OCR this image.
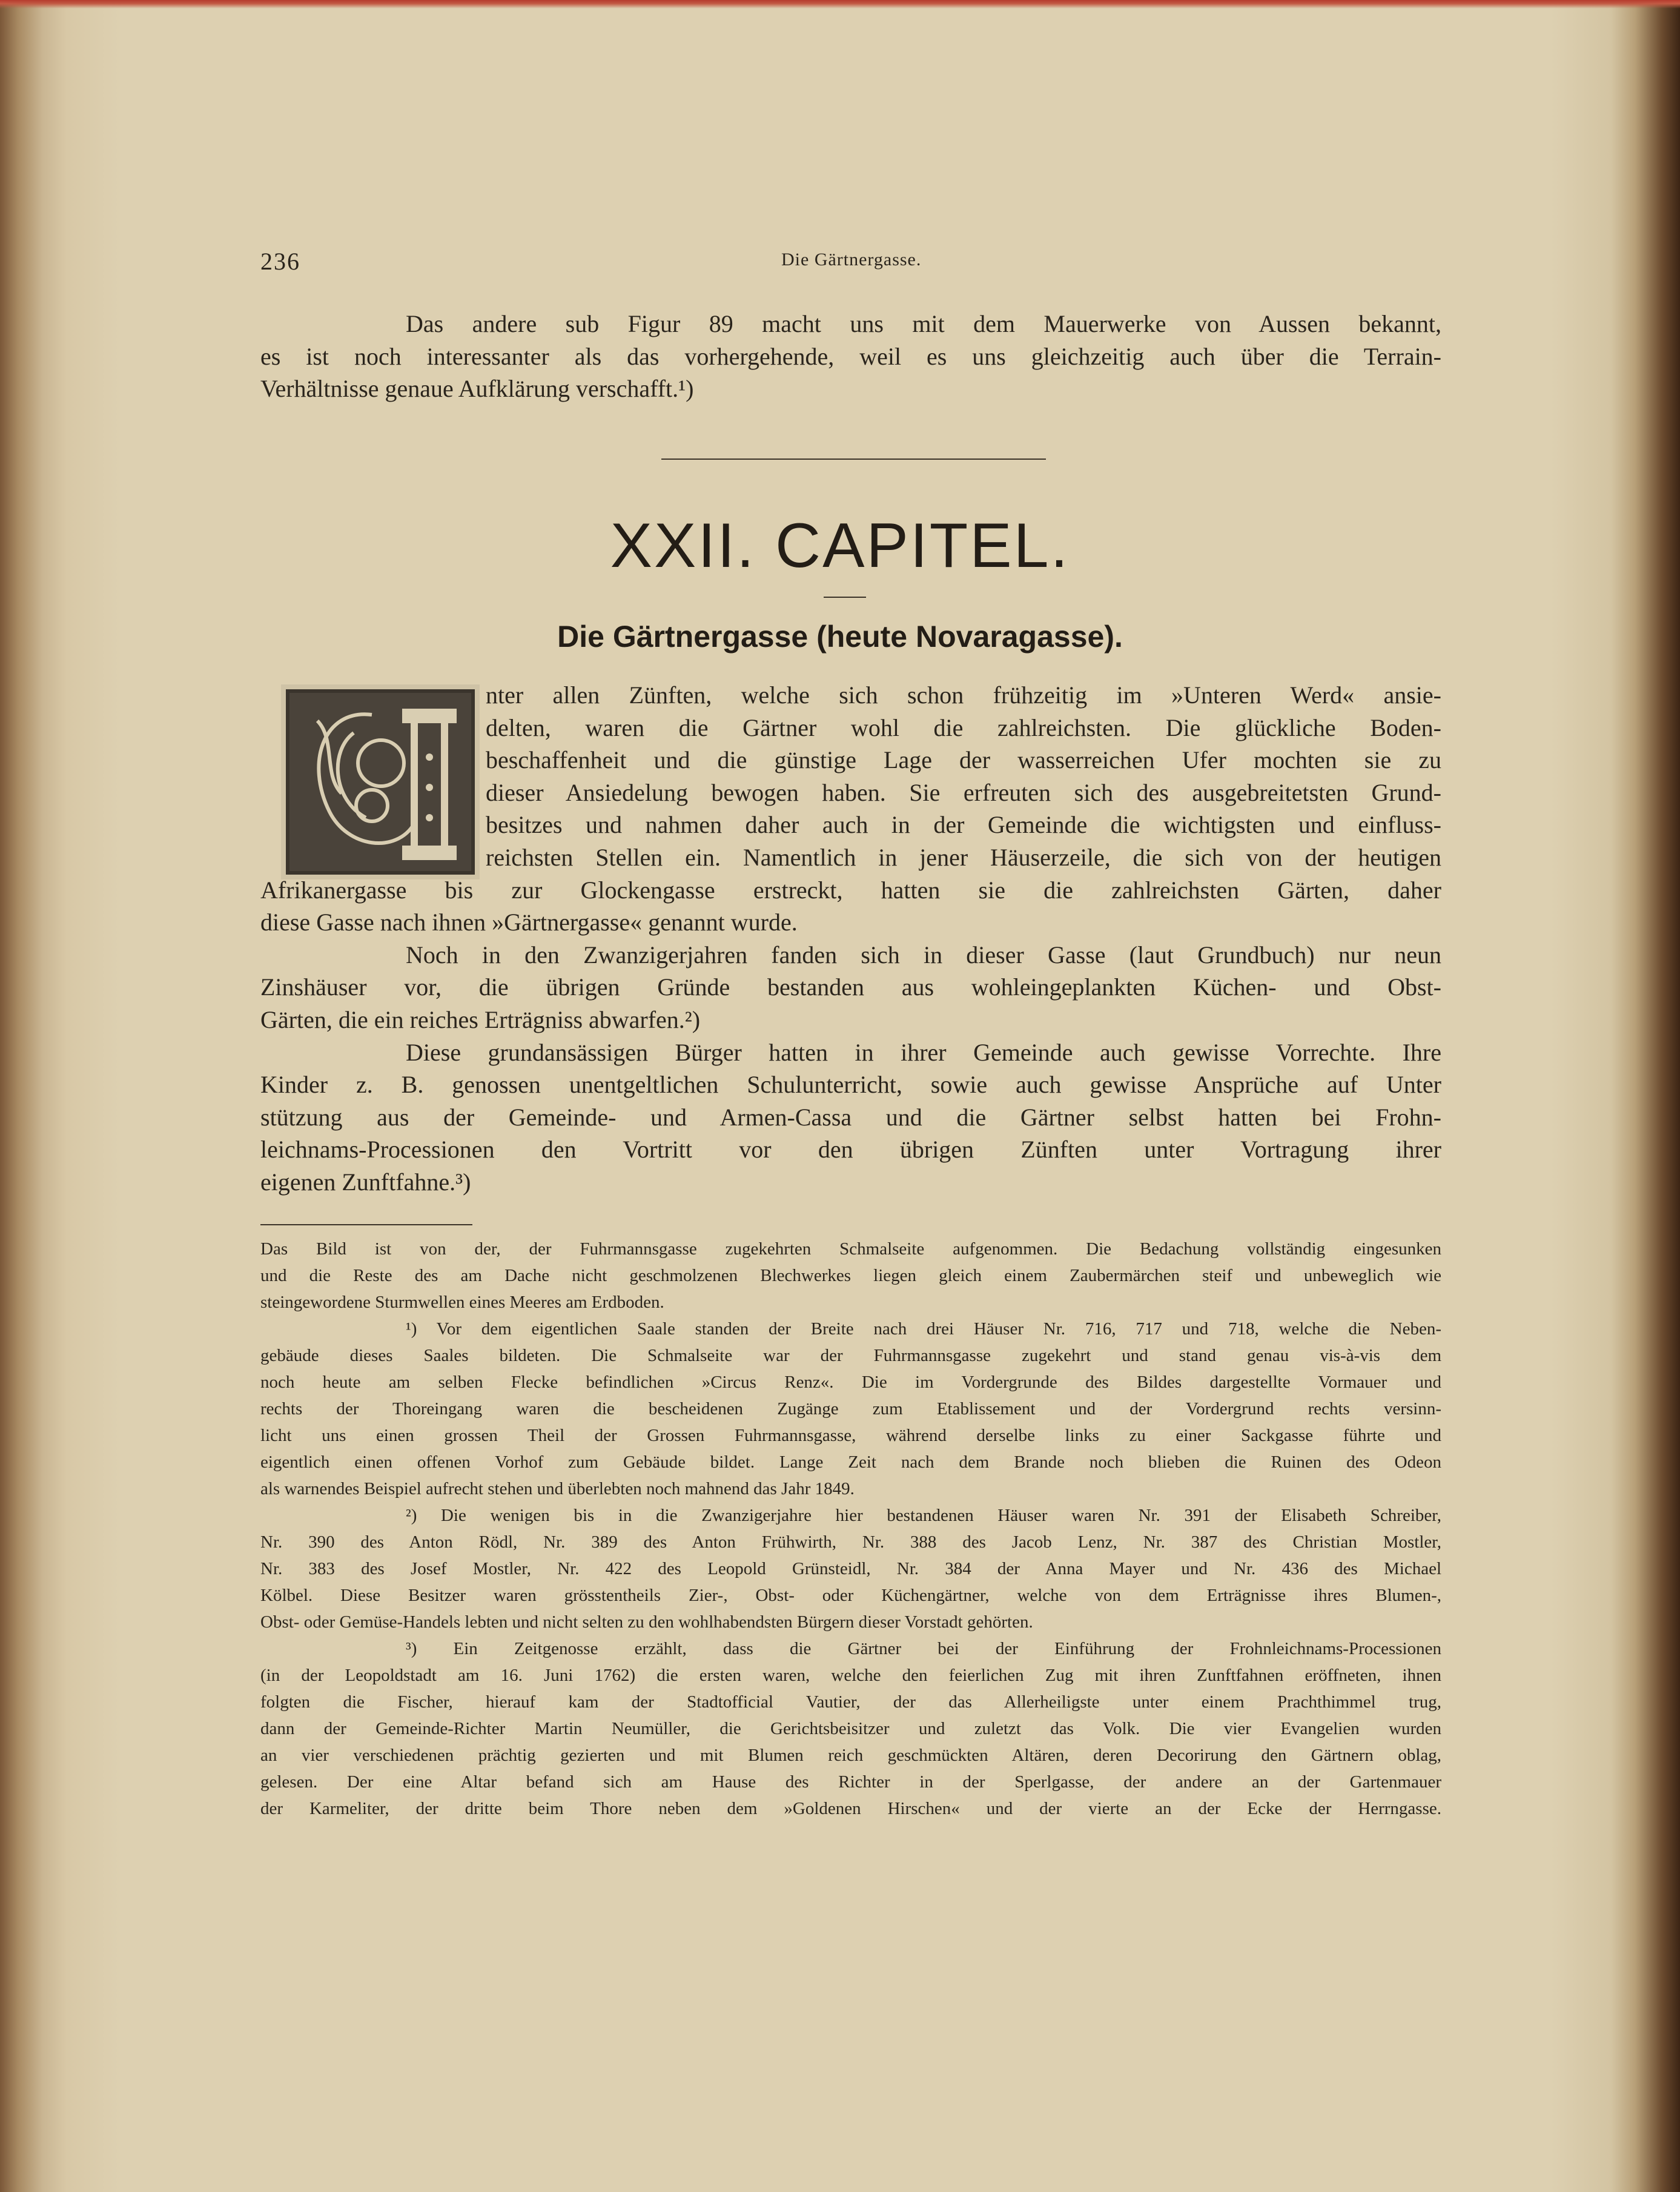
236	Die Gärtnergasse.
Das andere sub Figur 89 macht uns mit dem Mauerwerke von Aussen bekannt,
es ist noch interessanter als das vorhergehende, weil es uns gleichzeitig auch über die Terrain-
Verhältnisse genaue Aufklärung verschafft.¹)
XXII. CAPITEL.
Die Gärtnergasse (heute Novaragasse).
nter allen Zünften, welche sich schon frühzeitig im »Unteren Werd« ansie-
delten, waren die Gärtner wohl die zahlreichsten. Die glückliche Boden-
beschaffenheit und die günstige Lage der wasserreichen Ufer mochten sie zu
dieser Ansiedelung bewogen haben. Sie erfreuten sich des ausgebreitetsten Grund-
besitzes und nahmen daher auch in der Gemeinde die wichtigsten und einfluss-
reichsten Stellen ein. Namentlich in jener Häuserzeile, die sich von der heutigen
Afrikanergasse bis zur Glockengasse erstreckt, hatten sie die zahlreichsten Gärten, daher
diese Gasse nach ihnen »Gärtnergasse« genannt wurde.
Noch in den Zwanzigerjahren fanden sich in dieser Gasse (laut Grundbuch) nur neun
Zinshäuser vor, die übrigen Gründe bestanden aus wohleingeplankten Küchen- und Obst-
Gärten, die ein reiches Erträgniss abwarfen.²)
Diese grundansässigen Bürger hatten in ihrer Gemeinde auch gewisse Vorrechte. Ihre
Kinder z. B. genossen unentgeltlichen Schulunterricht, sowie auch gewisse Ansprüche auf Unter
stützung aus der Gemeinde- und Armen-Cassa und die Gärtner selbst hatten bei Frohn-
leichnams-Processionen den Vortritt vor den übrigen Zünften unter Vortragung ihrer
eigenen Zunftfahne.³)
Das Bild ist von der, der Fuhrmannsgasse zugekehrten Schmalseite aufgenommen. Die Bedachung vollständig eingesunken
und die Reste des am Dache nicht geschmolzenen Blechwerkes liegen gleich einem Zaubermärchen steif und unbeweglich wie
steingewordene Sturmwellen eines Meeres am Erdboden.
¹) Vor dem eigentlichen Saale standen der Breite nach drei Häuser Nr. 716, 717 und 718, welche die Neben-
gebäude dieses Saales bildeten. Die Schmalseite war der Fuhrmannsgasse zugekehrt und stand genau vis-à-vis dem
noch heute am selben Flecke befindlichen »Circus Renz«. Die im Vordergrunde des Bildes dargestellte Vormauer und
rechts der Thoreingang waren die bescheidenen Zugänge zum Etablissement und der Vordergrund rechts versinn-
licht uns einen grossen Theil der Grossen Fuhrmannsgasse, während derselbe links zu einer Sackgasse führte und
eigentlich einen offenen Vorhof zum Gebäude bildet. Lange Zeit nach dem Brande noch blieben die Ruinen des Odeon
als warnendes Beispiel aufrecht stehen und überlebten noch mahnend das Jahr 1849.
²) Die wenigen bis in die Zwanzigerjahre hier bestandenen Häuser waren Nr. 391 der Elisabeth Schreiber,
Nr. 390 des Anton Rödl, Nr. 389 des Anton Frühwirth, Nr. 388 des Jacob Lenz, Nr. 387 des Christian Mostler,
Nr. 383 des Josef Mostler, Nr. 422 des Leopold Grünsteidl, Nr. 384 der Anna Mayer und Nr. 436 des Michael
Kölbel. Diese Besitzer waren grösstentheils Zier-, Obst- oder Küchengärtner, welche von dem Erträgnisse ihres Blumen-,
Obst- oder Gemüse-Handels lebten und nicht selten zu den wohlhabendsten Bürgern dieser Vorstadt gehörten.
³) Ein Zeitgenosse erzählt, dass die Gärtner bei der Einführung der Frohnleichnams-Processionen
(in der Leopoldstadt am 16. Juni 1762) die ersten waren, welche den feierlichen Zug mit ihren Zunftfahnen eröffneten, ihnen
folgten die Fischer, hierauf kam der Stadtofficial Vautier, der das Allerheiligste unter einem Prachthimmel trug,
dann der Gemeinde-Richter Martin Neumüller, die Gerichtsbeisitzer und zuletzt das Volk. Die vier Evangelien wurden
an vier verschiedenen prächtig gezierten und mit Blumen reich geschmückten Altären, deren Decorirung den Gärtnern oblag,
gelesen. Der eine Altar befand sich am Hause des Richter in der Sperlgasse, der andere an der Gartenmauer
der Karmeliter, der dritte beim Thore neben dem »Goldenen Hirschen« und der vierte an der Ecke der Herrngasse.
